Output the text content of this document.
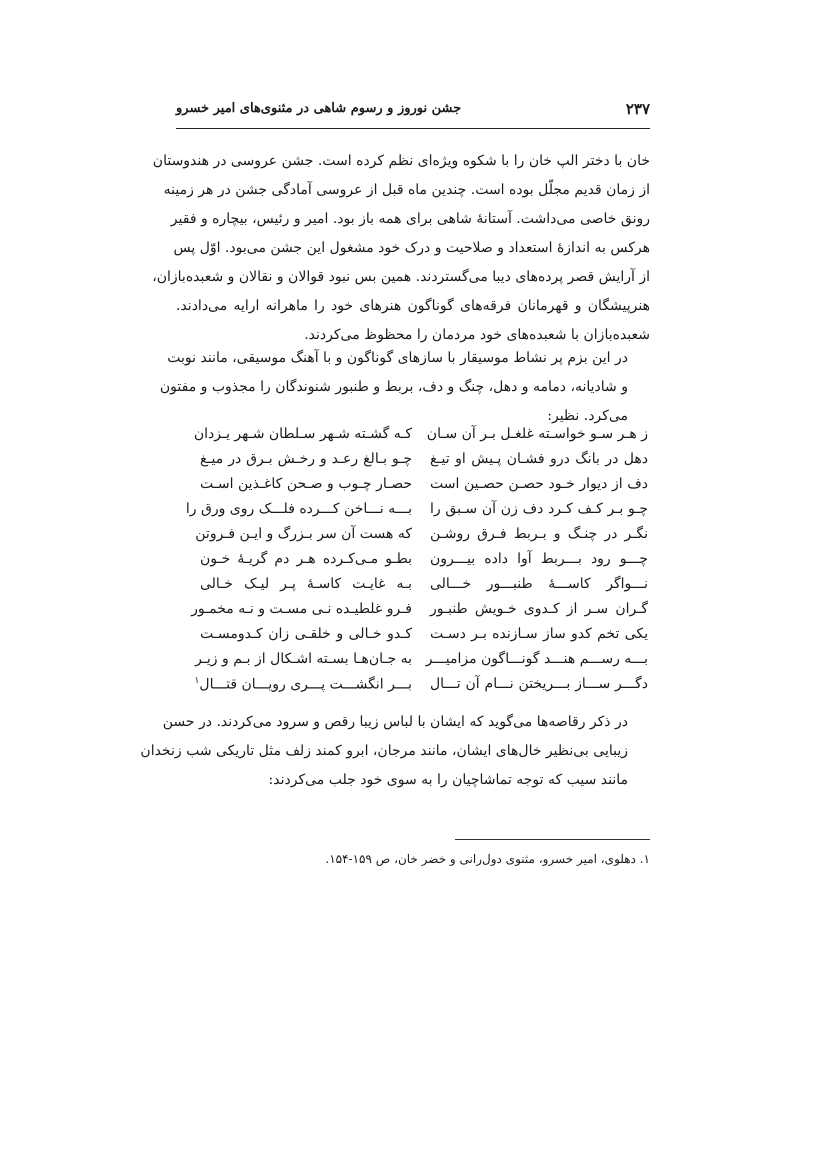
۲۳۷
جشن نوروز و رسوم شاهی در مثنوی‌های امیر خسرو
خان با دختر الپ خان را با شکوه ویژه‌ای نظم کرده است. جشن عروسی در هندوستان
از زمان قدیم مجلّل بوده است. چندین ماه قبل از عروسی آمادگی جشن در هر زمینه
رونق خاصی می‌داشت. آستانهٔ شاهی برای همه باز بود. امیر و رئیس، بیچاره و فقیر
هرکس به اندازهٔ استعداد و صلاحیت و درک خود مشغول این جشن می‌بود. اوّل پس
از آرایش قصر پرده‌های دیبا می‌گستردند. همین بس نبود قوالان و نقالان و شعبده‌بازان،
هنرپیشگان و قهرمانان فرقه‌های گوناگون هنرهای خود را ماهرانه ارایه می‌دادند.
شعبده‌بازان با شعبده‌های خود مردمان را محظوظ می‌کردند.
در این بزم پر نشاط موسیقار با سازهای گوناگون و با آهنگ موسیقی، مانند نوبت
و شادیانه، دمامه و دهل، چنگ و دف، بربط و طنبور شنوندگان را مجذوب و مفتون
می‌کرد. نظیر:
ز هـر سـو خواسـته غلغـل بـر آن سـان
کـه گشـته شـهر سـلطان شـهر یـزدان
دهل در بانگ درو فشـان پـیش او تیـغ
چـو بـالغ رعـد و رخـش بـرق در میـغ
دف از دیوار خـود حصـن حصـین است
حصـار چـوب و صـحن کاغـذین اسـت
چـو بـر کـف کـرد دف زن آن سـبق را
بـــه نـــاخن کـــرده فلـــک روی ورق را
نگـر در چنـگ و بـربط فـرق روشـن
که هست آن سر بـزرگ و ایـن فـروتن
چـــو رود بـــربط آوا داده بیـــرون
بطـو مـی‌کـرده هـر دم گریـهٔ خـون
نـــواگر کاســـهٔ طنبـــور خـــالی
بـه غایـت کاسـهٔ پـر لیـک خـالی
گـران سـر از کـدوی خـویش طنبـور
فـرو غلطیـده نـی مسـت و نـه مخمـور
یکی تخم کدو ساز سـازنده بـر دسـت
کـدو خـالی و خلقـی زان کـدومسـت
بـــه رســـم هنـــد گونـــاگون مزامیـــر
به جـان‌هـا بسـته اشـکال از بـم و زیـر
دگـــر ســـاز بـــریختن نـــام آن تـــال
بـــر انگشـــت پـــری رویـــان قتـــال$^۱$
در ذکر رقاصه‌ها می‌گوید که ایشان با لباس زیبا رقص و سرود می‌کردند. در حسن
زیبایی بی‌نظیر خال‌های ایشان، مانند مرجان، ابرو کمند زلف مثل تاریکی شب زنخدان
مانند سیب که توجه تماشاچیان را به سوی خود جلب می‌کردند:
۱. دهلوی، امیر خسرو، مثنوی دول‌رانی و خضر خان، ص ۱۵۹-۱۵۴.
